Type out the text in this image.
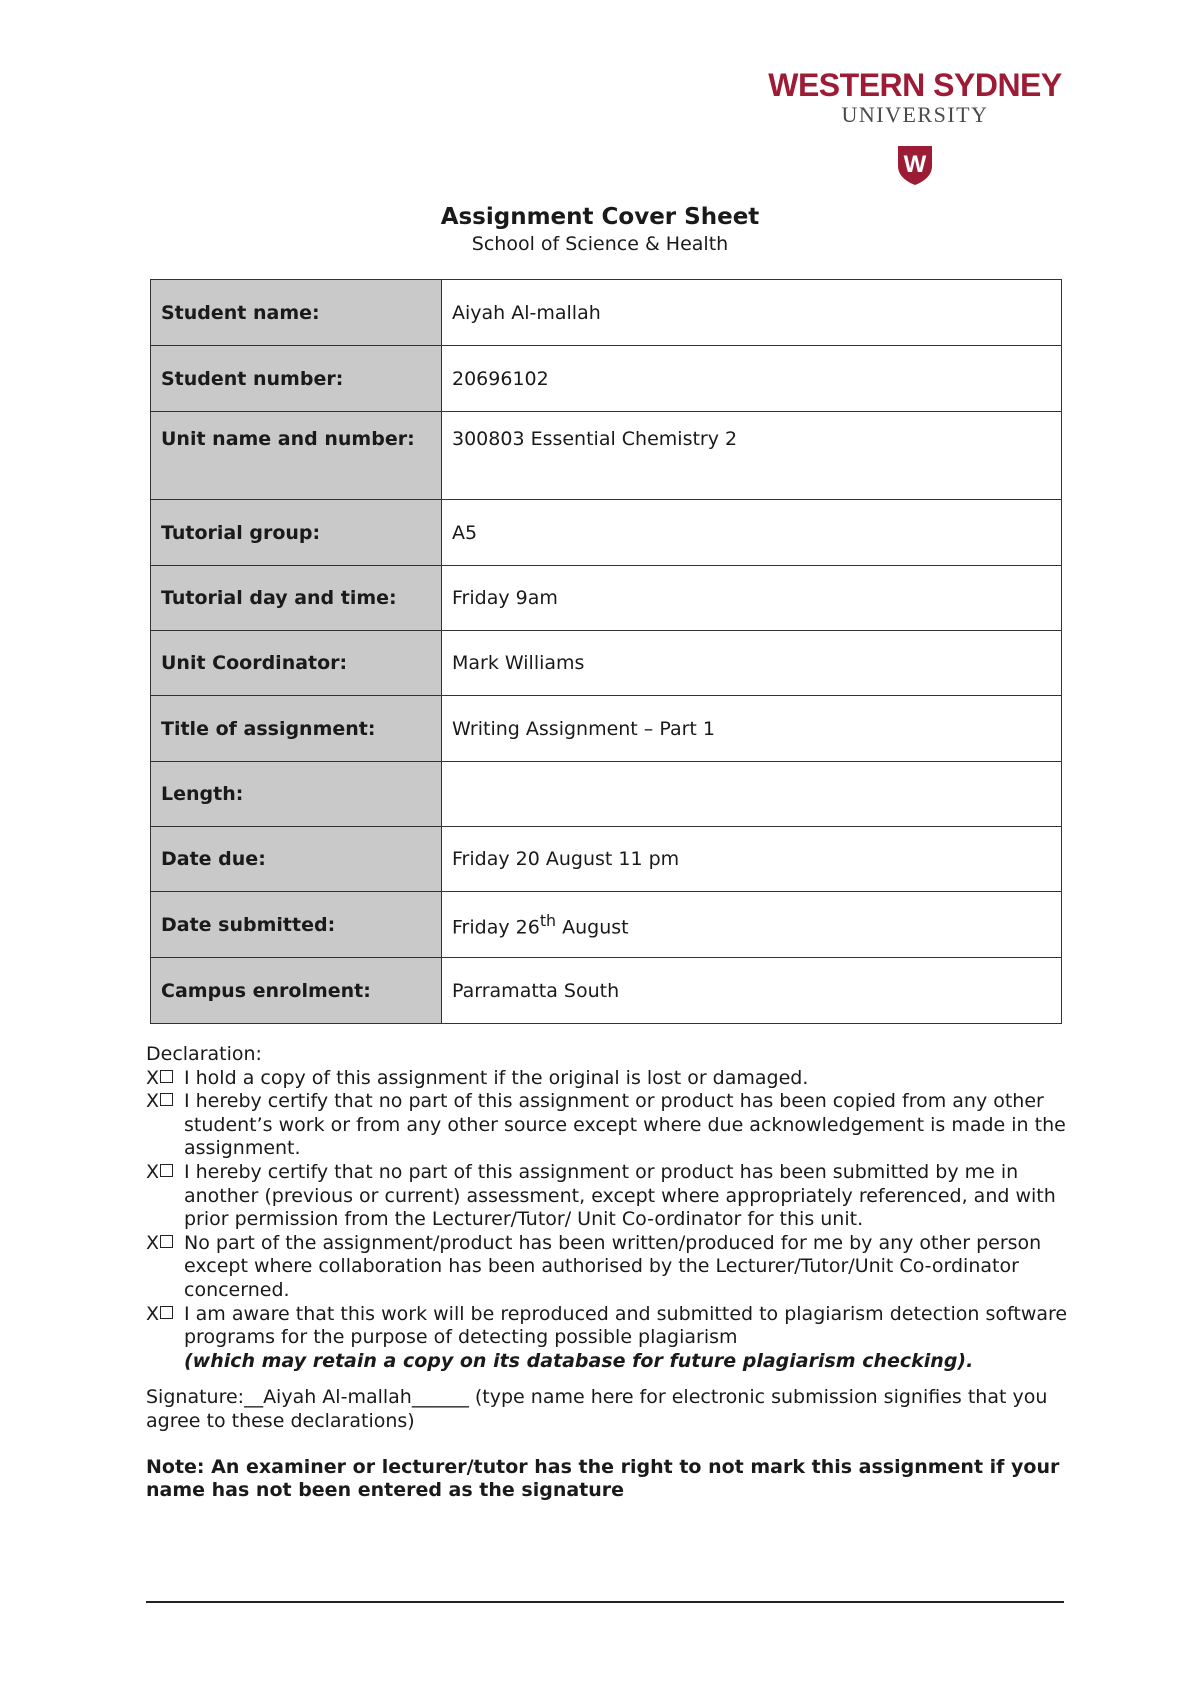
WESTERN SYDNEY
UNIVERSITY
W
Assignment Cover Sheet
School of Science & Health
Student name:	Aiyah Al-mallah
Student number:	20696102
Unit name and number:	300803 Essential Chemistry 2
Tutorial group:	A5
Tutorial day and time:	Friday 9am
Unit Coordinator:	Mark Williams
Title of assignment:	Writing Assignment – Part 1
Length:	
Date due:	Friday 20 August 11 pm
Date submitted:	Friday 26th August
Campus enrolment:	Parramatta South

Declaration:

X	I hold a copy of this assignment if the original is lost or damaged.
X	I hereby certify that no part of this assignment or product has been copied from any other student’s work or from any other source except where due acknowledgement is made in the assignment.
X	I hereby certify that no part of this assignment or product has been submitted by me in another (previous or current) assessment, except where appropriately referenced, and with prior permission from the Lecturer/Tutor/ Unit Co-ordinator for this unit.
X	No part of the assignment/product has been written/produced for me by any other person except where collaboration has been authorised by the Lecturer/Tutor/Unit Co-ordinator concerned.
X	I am aware that this work will be reproduced and submitted to plagiarism detection software programs for the purpose of detecting possible plagiarism
(which may retain a copy on its database for future plagiarism checking).

Signature:__Aiyah Al-mallah______ (type name here for electronic submission signifies that you agree to these declarations)

Note: An examiner or lecturer/tutor has the right to not mark this assignment if your name has not been entered as the signature
